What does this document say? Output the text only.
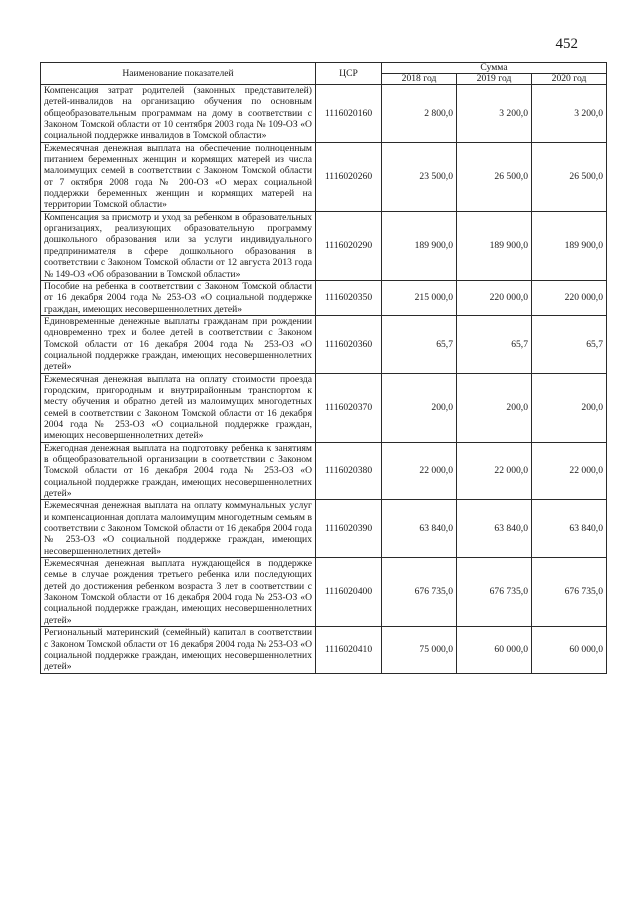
452
Наименование показателей	ЦСР	Сумма		
		2018 год	2019 год	2020 год
Компенсация затрат родителей (законных представителей) детей-инвалидов на организацию обучения по основным общеобразовательным программам на дому в соответствии с Законом Томской области от 10 сентября 2003 года № 109-ОЗ «О социальной поддержке инвалидов в Томской области»	1116020160	2 800,0	3 200,0	3 200,0
Ежемесячная денежная выплата на обеспечение полноценным питанием беременных женщин и кормящих матерей из числа малоимущих семей в соответствии с Законом Томской области от 7 октября 2008 года № 200-ОЗ «О мерах социальной поддержки беременных женщин и кормящих матерей на территории Томской области»	1116020260	23 500,0	26 500,0	26 500,0
Компенсация за присмотр и уход за ребенком в образовательных организациях, реализующих образовательную программу дошкольного образования или за услуги индивидуального предпринимателя в сфере дошкольного образования в соответствии с Законом Томской области от 12 августа 2013 года № 149-ОЗ «Об образовании в Томской области»	1116020290	189 900,0	189 900,0	189 900,0
Пособие на ребенка в соответствии с Законом Томской области от 16 декабря 2004 года № 253-ОЗ «О социальной поддержке граждан, имеющих несовершеннолетних детей»	1116020350	215 000,0	220 000,0	220 000,0
Единовременные денежные выплаты гражданам при рождении одновременно трех и более детей в соответствии с Законом Томской области от 16 декабря 2004 года № 253-ОЗ «О социальной поддержке граждан, имеющих несовершеннолетних детей»	1116020360	65,7	65,7	65,7
Ежемесячная денежная выплата на оплату стоимости проезда городским, пригородным и внутрирайонным транспортом к месту обучения и обратно детей из малоимущих многодетных семей в соответствии с Законом Томской области от 16 декабря 2004 года № 253-ОЗ «О социальной поддержке граждан, имеющих несовершеннолетних детей»	1116020370	200,0	200,0	200,0
Ежегодная денежная выплата на подготовку ребенка к занятиям в общеобразовательной организации в соответствии с Законом Томской области от 16 декабря 2004 года № 253-ОЗ «О социальной поддержке граждан, имеющих несовершеннолетних детей»	1116020380	22 000,0	22 000,0	22 000,0
Ежемесячная денежная выплата на оплату коммунальных услуг и компенсационная доплата малоимущим многодетным семьям в соответствии с Законом Томской области от 16 декабря 2004 года № 253-ОЗ «О социальной поддержке граждан, имеющих несовершеннолетних детей»	1116020390	63 840,0	63 840,0	63 840,0
Ежемесячная денежная выплата нуждающейся в поддержке семье в случае рождения третьего ребенка или последующих детей до достижения ребенком возраста 3 лет в соответствии с Законом Томской области от 16 декабря 2004 года № 253-ОЗ «О социальной поддержке граждан, имеющих несовершеннолетних детей»	1116020400	676 735,0	676 735,0	676 735,0
Региональный материнский (семейный) капитал в соответствии с Законом Томской области от 16 декабря 2004 года № 253-ОЗ «О социальной поддержке граждан, имеющих несовершеннолетних детей»	1116020410	75 000,0	60 000,0	60 000,0
